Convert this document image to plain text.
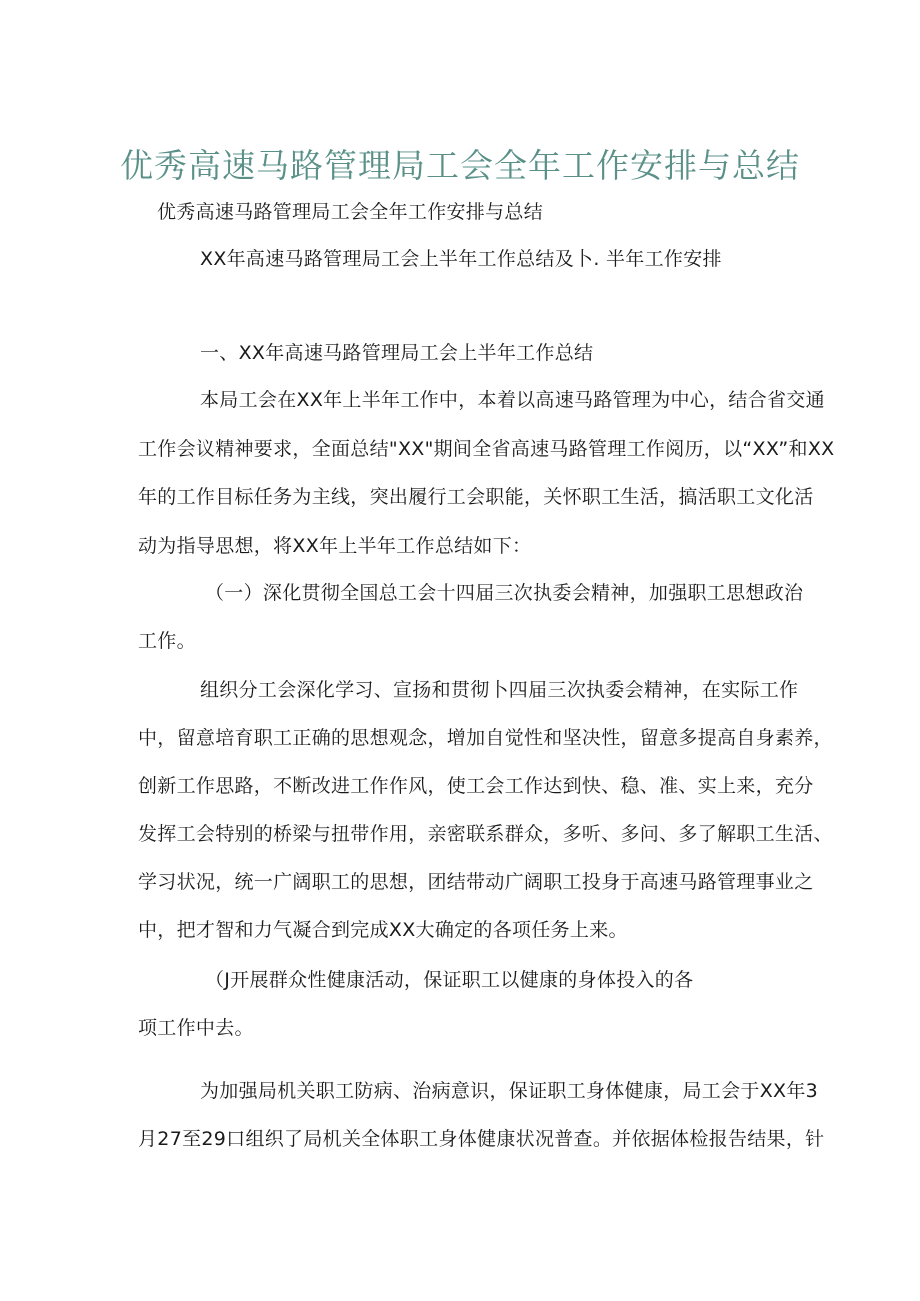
优秀高速马路管理局工会全年工作安排与总结
优秀高速马路管理局工会全年工作安排与总结
XX年高速马路管理局工会上半年工作总结及卜. 半年工作安排
一、XX年高速马路管理局工会上半年工作总结
本局工会在XX年上半年工作中，本着以高速马路管理为中心，结合省交通
工作会议精神要求，全面总结"XX"期间全省高速马路管理工作阅历，以“XX”和XX
年的工作目标任务为主线，突出履行工会职能，关怀职工生活，搞活职工文化活
动为指导思想，将XX年上半年工作总结如下：
（一）深化贯彻全国总工会十四届三次执委会精神，加强职工思想政治
工作。
组织分工会深化学习、宣扬和贯彻卜四届三次执委会精神，在实际工作
中，留意培育职工正确的思想观念，增加自觉性和坚决性，留意多提高自身素养，
创新工作思路，不断改进工作作风，使工会工作达到快、稳、准、实上来，充分
发挥工会特别的桥梁与扭带作用，亲密联系群众，多听、多问、多了解职工生活、
学习状况，统一广阔职工的思想，团结带动广阔职工投身于高速马路管理事业之
中，把才智和力气凝合到完成XX大确定的各项任务上来。
（J开展群众性健康活动，保证职工以健康的身体投入的各
项工作中去。
为加强局机关职工防病、治病意识，保证职工身体健康，局工会于XX年3
月27至29口组织了局机关全体职工身体健康状况普查。并依据体检报告结果，针
